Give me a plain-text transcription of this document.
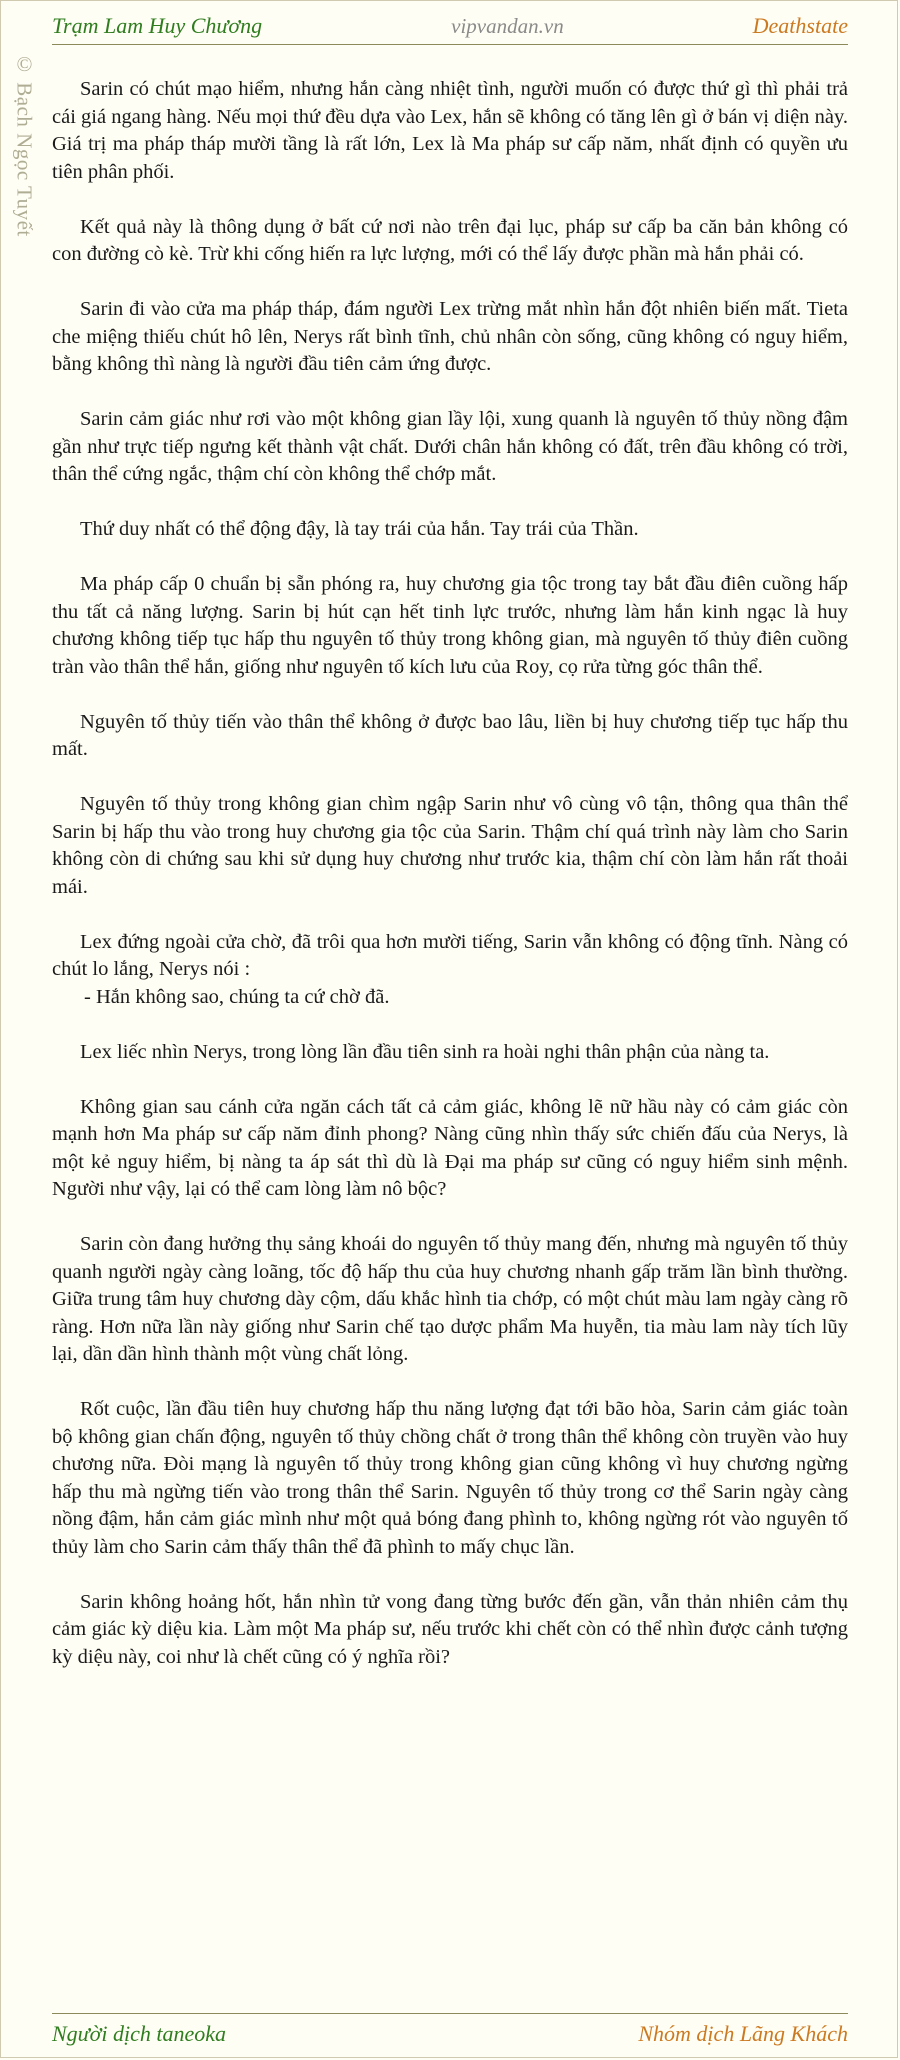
Trạm Lam Huy Chương	vipvandan.vn	Deathstate
© Bạch Ngọc Tuyết	Sarin có chút mạo hiểm, nhưng hắn càng nhiệt tình, người muốn có được thứ gì thì phải trả cái giá ngang hàng. Nếu mọi thứ đều dựa vào Lex, hắn sẽ không có tăng lên gì ở bán vị diện này. Giá trị ma pháp tháp mười tầng là rất lớn, Lex là Ma pháp sư cấp năm, nhất định có quyền ưu tiên phân phối.

Kết quả này là thông dụng ở bất cứ nơi nào trên đại lục, pháp sư cấp ba căn bản không có con đường cò kè. Trừ khi cống hiến ra lực lượng, mới có thể lấy được phần mà hắn phải có.

Sarin đi vào cửa ma pháp tháp, đám người Lex trừng mắt nhìn hắn đột nhiên biến mất. Tieta che miệng thiếu chút hô lên, Nerys rất bình tĩnh, chủ nhân còn sống, cũng không có nguy hiểm, bằng không thì nàng là người đầu tiên cảm ứng được.

Sarin cảm giác như rơi vào một không gian lầy lội, xung quanh là nguyên tố thủy nồng đậm gần như trực tiếp ngưng kết thành vật chất. Dưới chân hắn không có đất, trên đầu không có trời, thân thể cứng ngắc, thậm chí còn không thể chớp mắt.

Thứ duy nhất có thể động đậy, là tay trái của hắn. Tay trái của Thần.

Ma pháp cấp 0 chuẩn bị sẵn phóng ra, huy chương gia tộc trong tay bắt đầu điên cuồng hấp thu tất cả năng lượng. Sarin bị hút cạn hết tinh lực trước, nhưng làm hắn kinh ngạc là huy chương không tiếp tục hấp thu nguyên tố thủy trong không gian, mà nguyên tố thủy điên cuồng tràn vào thân thể hắn, giống như nguyên tố kích lưu của Roy, cọ rửa từng góc thân thể.

Nguyên tố thủy tiến vào thân thể không ở được bao lâu, liền bị huy chương tiếp tục hấp thu mất.

Nguyên tố thủy trong không gian chìm ngập Sarin như vô cùng vô tận, thông qua thân thể Sarin bị hấp thu vào trong huy chương gia tộc của Sarin. Thậm chí quá trình này làm cho Sarin không còn di chứng sau khi sử dụng huy chương như trước kia, thậm chí còn làm hắn rất thoải mái.

Lex đứng ngoài cửa chờ, đã trôi qua hơn mười tiếng, Sarin vẫn không có động tĩnh. Nàng có chút lo lắng, Nerys nói :

- Hắn không sao, chúng ta cứ chờ đã.

Lex liếc nhìn Nerys, trong lòng lần đầu tiên sinh ra hoài nghi thân phận của nàng ta.

Không gian sau cánh cửa ngăn cách tất cả cảm giác, không lẽ nữ hầu này có cảm giác còn mạnh hơn Ma pháp sư cấp năm đỉnh phong? Nàng cũng nhìn thấy sức chiến đấu của Nerys, là một kẻ nguy hiểm, bị nàng ta áp sát thì dù là Đại ma pháp sư cũng có nguy hiểm sinh mệnh. Người như vậy, lại có thể cam lòng làm nô bộc?

Sarin còn đang hưởng thụ sảng khoái do nguyên tố thủy mang đến, nhưng mà nguyên tố thủy quanh người ngày càng loãng, tốc độ hấp thu của huy chương nhanh gấp trăm lần bình thường. Giữa trung tâm huy chương dày cộm, dấu khắc hình tia chớp, có một chút màu lam ngày càng rõ ràng. Hơn nữa lần này giống như Sarin chế tạo dược phẩm Ma huyễn, tia màu lam này tích lũy lại, dần dần hình thành một vùng chất lỏng.

Rốt cuộc, lần đầu tiên huy chương hấp thu năng lượng đạt tới bão hòa, Sarin cảm giác toàn bộ không gian chấn động, nguyên tố thủy chồng chất ở trong thân thể không còn truyền vào huy chương nữa. Đòi mạng là nguyên tố thủy trong không gian cũng không vì huy chương ngừng hấp thu mà ngừng tiến vào trong thân thể Sarin. Nguyên tố thủy trong cơ thể Sarin ngày càng nồng đậm, hắn cảm giác mình như một quả bóng đang phình to, không ngừng rót vào nguyên tố thủy làm cho Sarin cảm thấy thân thể đã phình to mấy chục lần.

Sarin không hoảng hốt, hắn nhìn tử vong đang từng bước đến gần, vẫn thản nhiên cảm thụ cảm giác kỳ diệu kia. Làm một Ma pháp sư, nếu trước khi chết còn có thể nhìn được cảnh tượng kỳ diệu này, coi như là chết cũng có ý nghĩa rồi?

Người dịch taneoka	Nhóm dịch Lãng Khách
